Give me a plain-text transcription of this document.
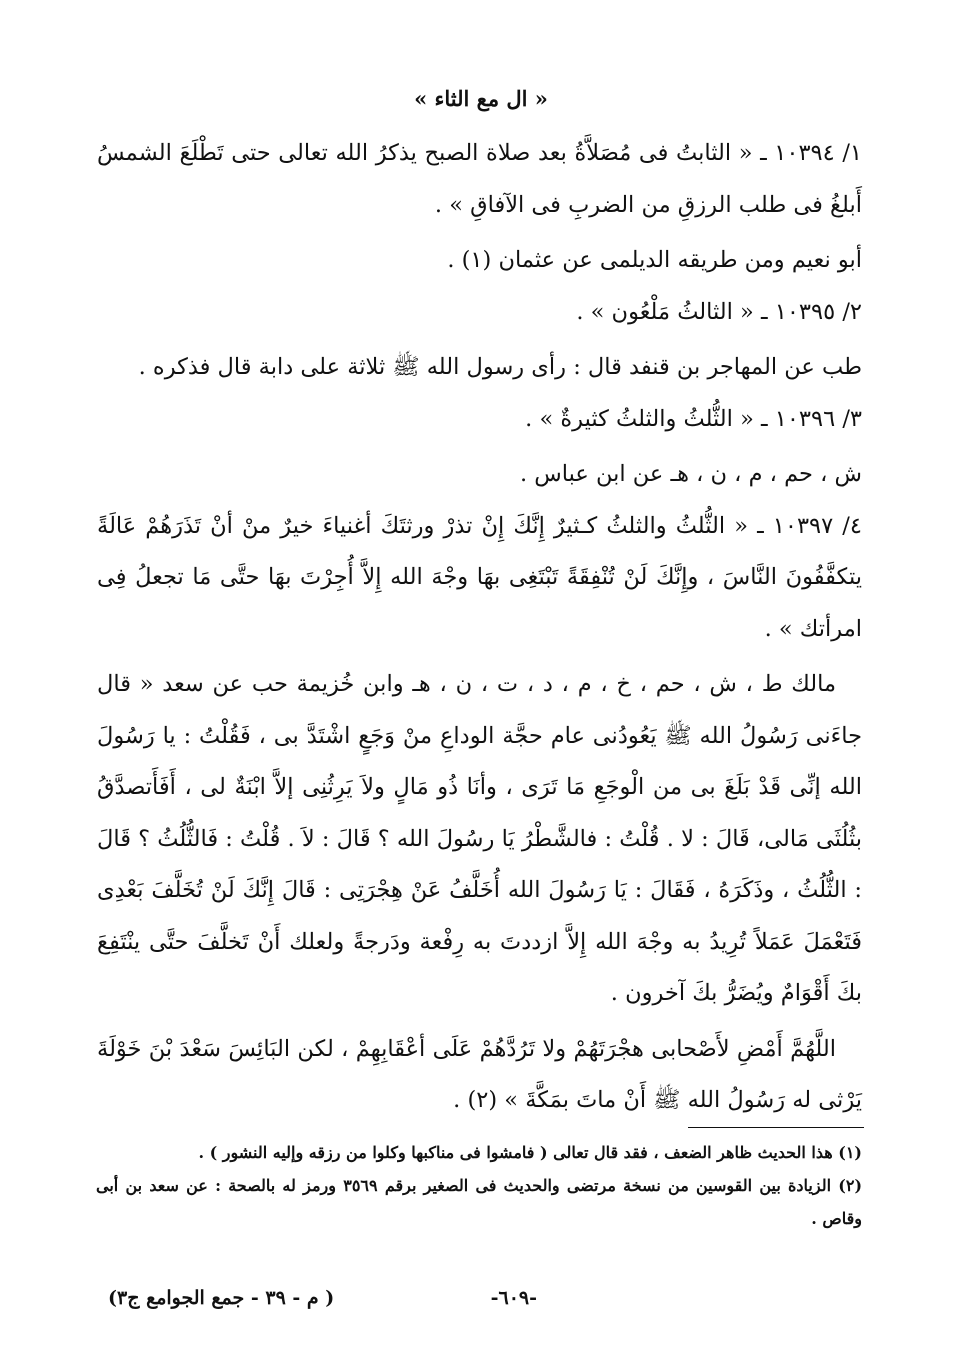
« ال مع الثاء »

١/ ١٠٣٩٤ ـ « الثابتُ فى مُصَلاَّةُ بعد صلاة الصبح يذكرُ الله تعالى حتى تَطْلَعَ الشمسُ أَبلغُ فى طلب الرزقِ من الضربِ فى الآفاقِ » .

أبو نعيم ومن طريقه الديلمى عن عثمان (١) .

٢/ ١٠٣٩٥ ـ « الثالثُ مَلْعُون » .

طب عن المهاجر بن قنفد قال : رأى رسول الله ﷺ ثلاثة على دابة قال فذكره .

٣/ ١٠٣٩٦ ـ « الثُّلثُ والثلثُ كثيرةٌ » .

ش ، حم ، م ، ن ، هـ عن ابن عباس .

٤/ ١٠٣٩٧ ـ « الثُّلثُ والثلثُ كـثيرٌ إِنَّكَ إِنْ تذرْ ورثتَكَ أغنياءَ خيرٌ منْ أنْ تَذَرَهُمْ عَالَةً يتكفَّفُونَ النَّاسَ ، وإِنَّكَ لَنْ تُنْفِقَةً تَبْتَغِى بهَا وجْهَ الله إِلاَّ أُجِرْتَ بهَا حتَّى مَا تجعلُ فِى امرأتك » .

مالك ط ، ش ، حم ، خ ، م ، د ، ت ، ن ، هـ وابن خُزيمة حب عن سعد « قال جاءَنى رَسُولُ الله ﷺ يَعُودُنى عام حجَّة الوداعِ منْ وَجَعٍ اشْتَدَّ بى ، فَقُلْتُ : يا رَسُولَ الله إنِّى قَدْ بَلَغَ بى من الْوجَعِ مَا تَرَى ، وأنَا ذُو مَالٍ ولاَ يَرِثُنِى إلاَّ ابْنَةٌ لى ، أَفَأَتصدَّقُ بثُلُثَى مَالى، قَالَ : لا . قُلْتُ : فالشَّطْرُ يَا رسُولَ الله ؟ قَالَ : لاَ . قُلْتُ : فَالثُّلُثُ ؟ قَالَ : الثُّلُثُ ، وذَكَرَهُ ، فَقَالَ : يَا رَسُولَ الله أُخَلَّفُ عَنْ هِجْرَتِى : قَالَ إِنَّكَ لَنْ تُخَلَّفَ بَعْدِى فَتَعْمَلَ عَمَلاً تُرِيدُ به وجْهَ الله إِلاَّ ازددتَ به رِفْعة ودَرجةً ولعلك أَنْ تَخلَّفَ حتَّى ينْتَفِعَ بكَ أَقْوَامٌ ويُضَرُّ بكَ آخرون .

اللَّهُمَّ أَمْضِ لأَصْحابى هجْرَتَهُمْ ولا تَرُدَّهُمْ عَلَى أعْقَابِهِمْ ، لكن البَائِسَ سَعْدَ بْنَ خَوْلَةَ يَرْثى له رَسُولُ الله ﷺ أَنْ ماتَ بمَكَّةَ » (٢) .

(١) هذا الحديث ظاهر الضعف ، فقد قال تعالى ( فامشوا فى مناكبها وكلوا من رزقه وإليه النشور ) .

(٢) الزيادة بين القوسين من نسخة مرتضى والحديث فى الصغير برقم ٣٥٦٩ ورمز له بالصحة : عن سعد بن أبى وقاص .

-٦٠٩-
( م - ٣٩ - جمع الجوامع ج٣)
